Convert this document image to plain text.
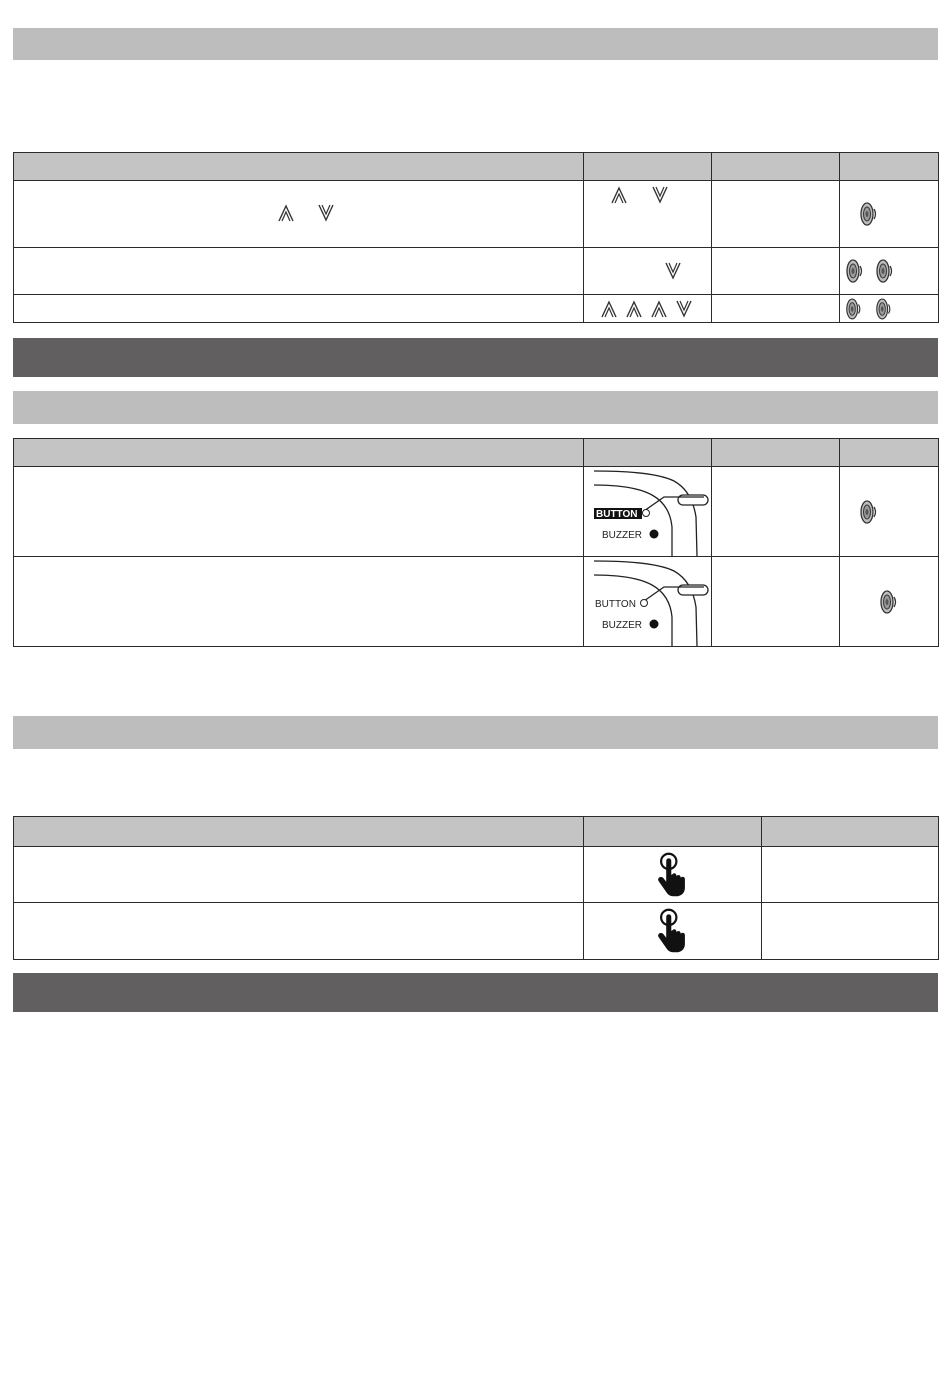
BUTTON
BUZZER

BUTTON
BUZZER
